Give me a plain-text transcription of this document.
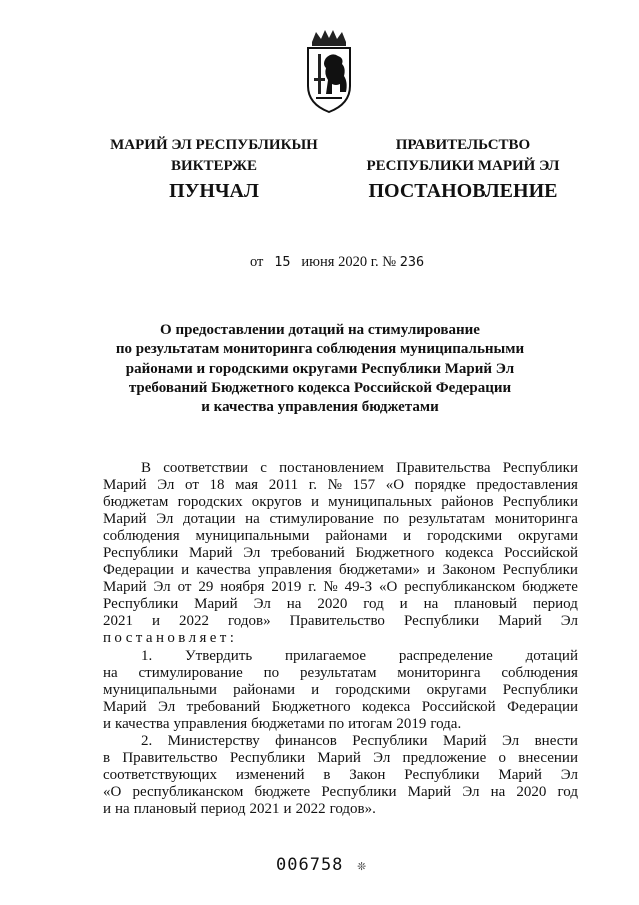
МАРИЙ ЭЛ РЕСПУБЛИКЫН
ВИКТЕРЖЕ
ПРАВИТЕЛЬСТВО
РЕСПУБЛИКИ МАРИЙ ЭЛ
ПУНЧАЛ	ПОСТАНОВЛЕНИЕ
от 15 июня 2020 г. № 236
О предоставлении дотаций на стимулирование
по результатам мониторинга соблюдения муниципальными
районами и городскими округами Республики Марий Эл
требований Бюджетного кодекса Российской Федерации
и качества управления бюджетами
В соответствии с постановлением Правительства Республики
Марий Эл от 18 мая 2011 г. № 157 «О порядке предоставления
бюджетам городских округов и муниципальных районов Республики
Марий Эл дотации на стимулирование по результатам мониторинга
соблюдения муниципальными районами и городскими округами
Республики Марий Эл требований Бюджетного кодекса Российской
Федерации и качества управления бюджетами» и Законом Республики
Марий Эл от 29 ноября 2019 г. № 49-З «О республиканском бюджете
Республики Марий Эл на 2020 год и на плановый период
2021 и 2022 годов» Правительство Республики Марий Эл
постановляет:
1. Утвердить прилагаемое распределение дотаций
на стимулирование по результатам мониторинга соблюдения
муниципальными районами и городскими округами Республики
Марий Эл требований Бюджетного кодекса Российской Федерации
и качества управления бюджетами по итогам 2019 года.
2. Министерству финансов Республики Марий Эл внести
в Правительство Республики Марий Эл предложение о внесении
соответствующих изменений в Закон Республики Марий Эл
«О республиканском бюджете Республики Марий Эл на 2020 год
и на плановый период 2021 и 2022 годов».
006758 ❊
